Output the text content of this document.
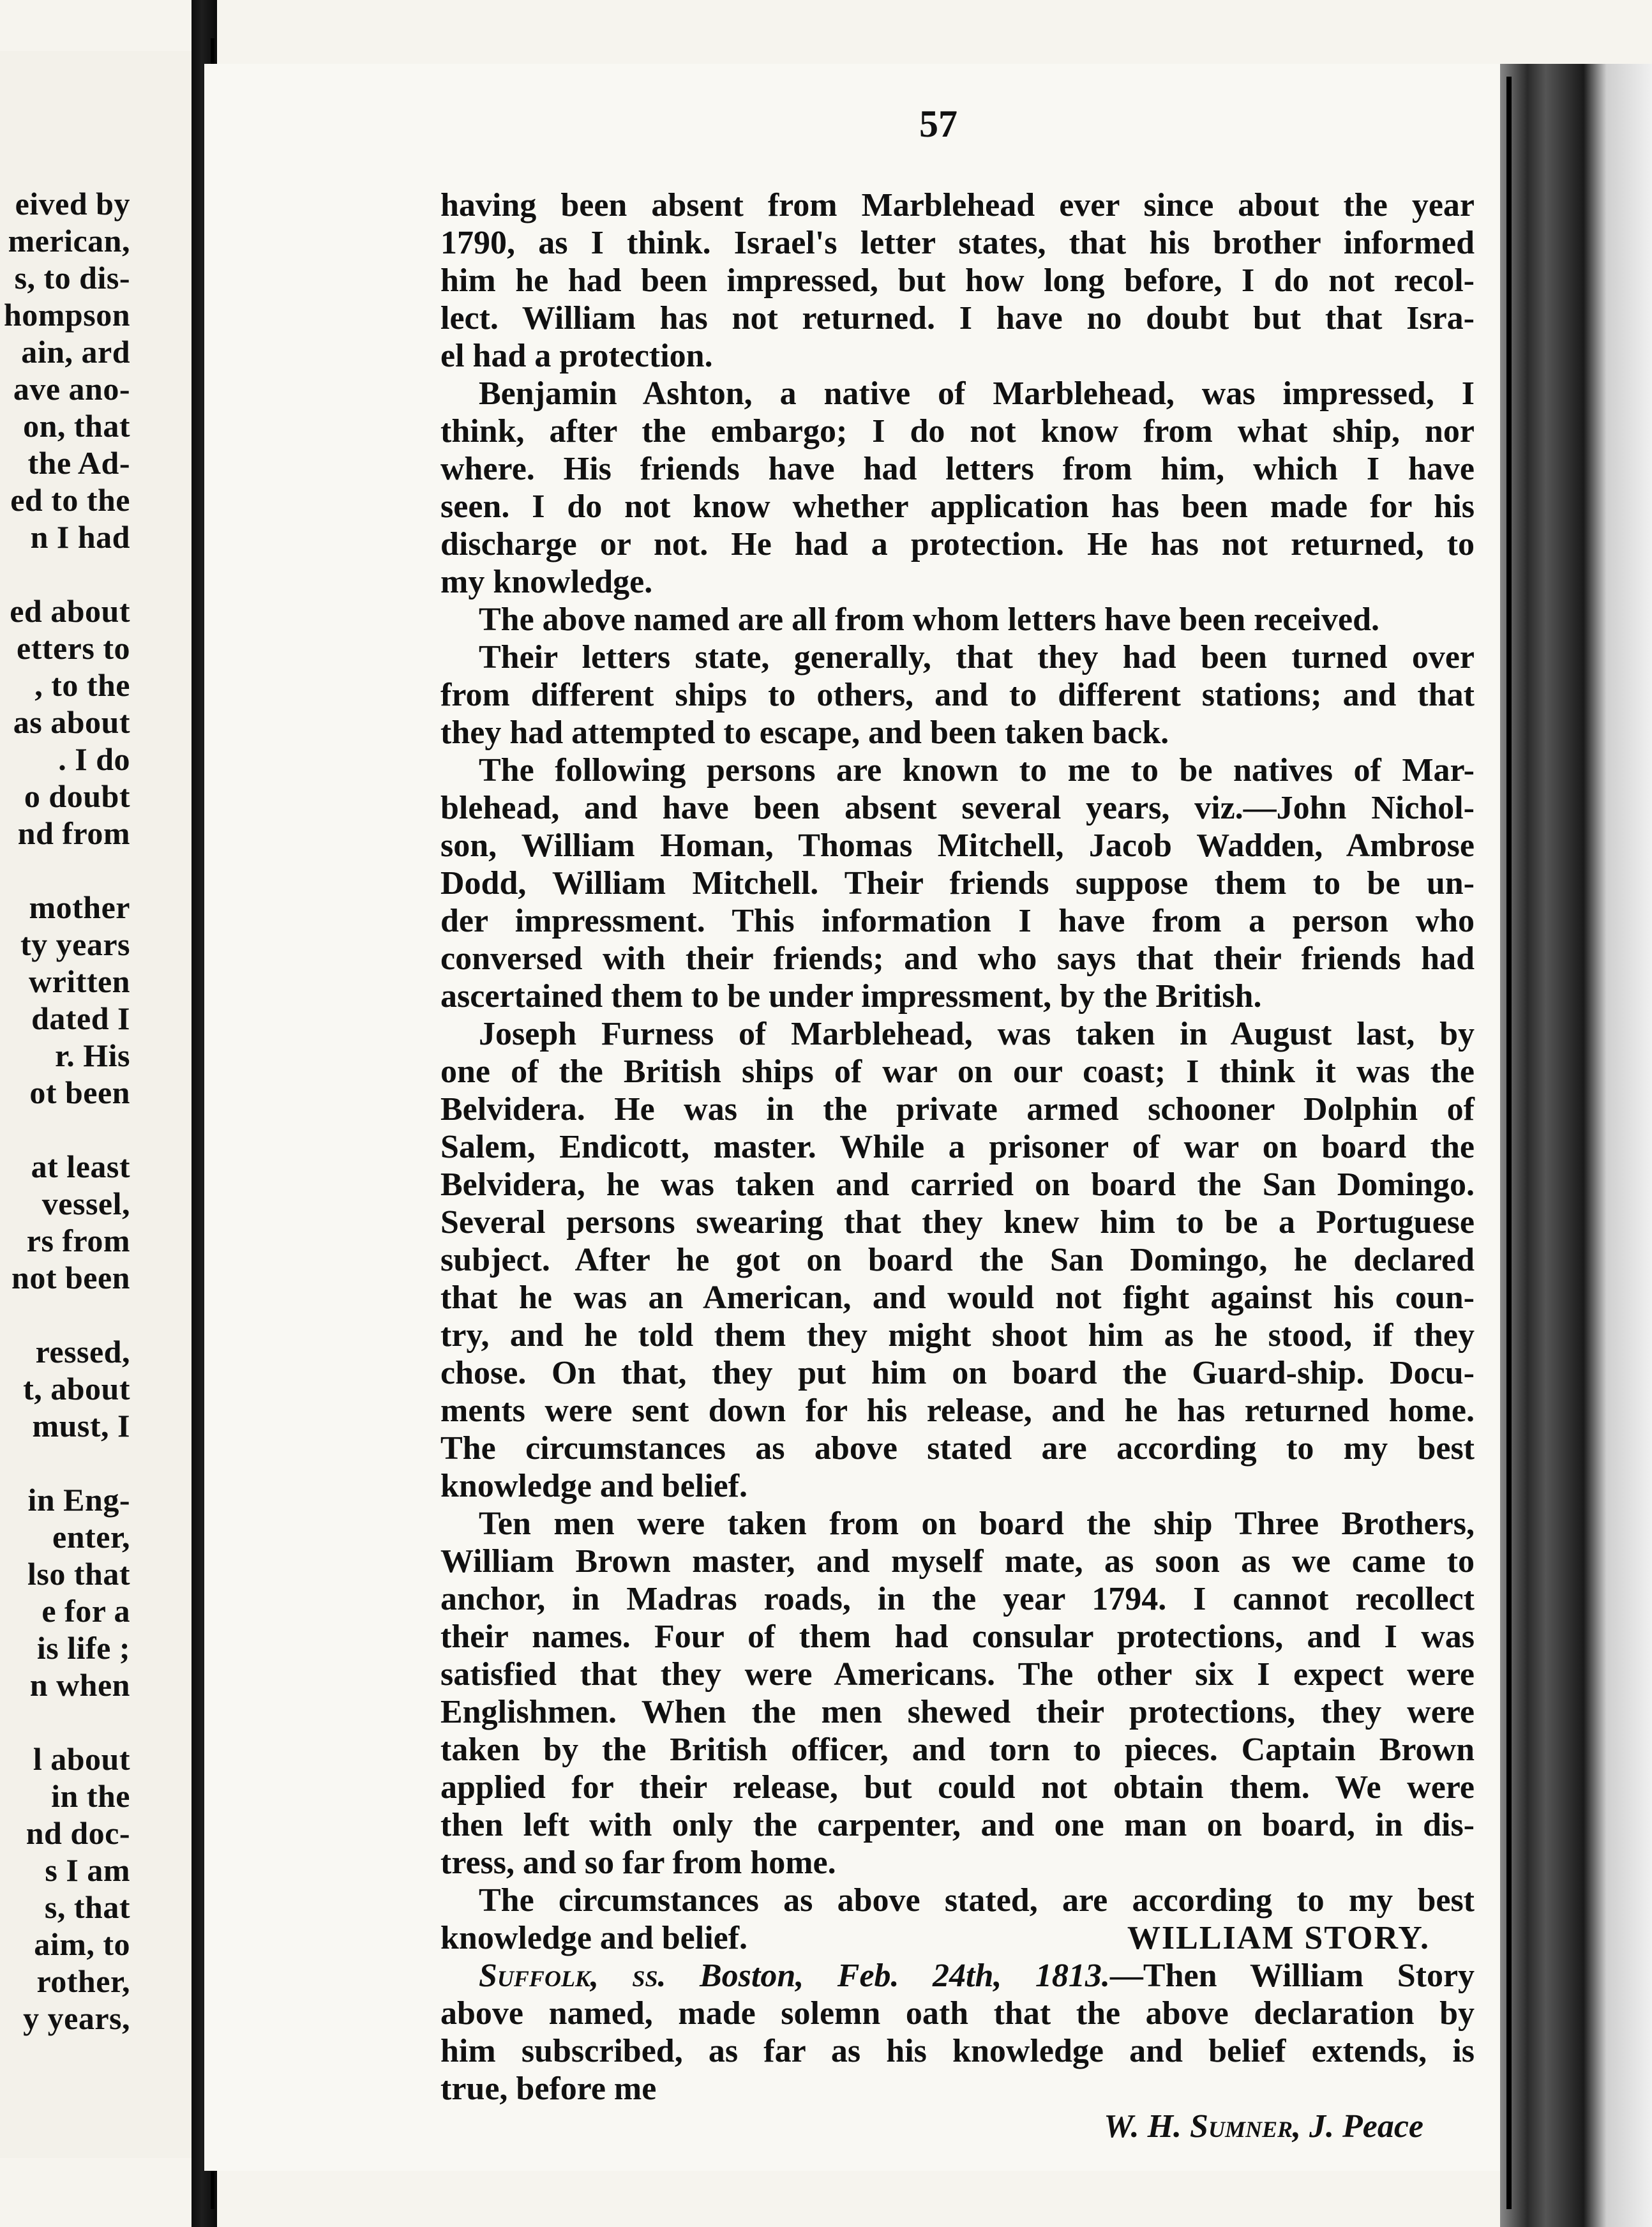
eived by
merican,
s, to dis-
hompson
ain, ard
ave ano-
on, that
the Ad-
ed to the
n I had
ed about
etters to
, to the
as about
. I do
o doubt
nd from
mother
ty years
written
dated I
r. His
ot been
at least
vessel,
rs from
not been
ressed,
t, about
must, I
in Eng-
enter,
lso that
e for a
is life ;
n when
l about
in the
nd doc-
s I am
s, that
aim, to
rother,
y years,
57
having been absent from Marblehead ever since about the year
1790, as I think. Israel's letter states, that his brother informed
him he had been impressed, but how long before, I do not recol-
lect. William has not returned. I have no doubt but that Isra-
el had a protection.
Benjamin Ashton, a native of Marblehead, was impressed, I
think, after the embargo; I do not know from what ship, nor
where. His friends have had letters from him, which I have
seen. I do not know whether application has been made for his
discharge or not. He had a protection. He has not returned, to
my knowledge.
The above named are all from whom letters have been received.
Their letters state, generally, that they had been turned over
from different ships to others, and to different stations; and that
they had attempted to escape, and been taken back.
The following persons are known to me to be natives of Mar-
blehead, and have been absent several years, viz.—John Nichol-
son, William Homan, Thomas Mitchell, Jacob Wadden, Ambrose
Dodd, William Mitchell. Their friends suppose them to be un-
der impressment. This information I have from a person who
conversed with their friends; and who says that their friends had
ascertained them to be under impressment, by the British.
Joseph Furness of Marblehead, was taken in August last, by
one of the British ships of war on our coast; I think it was the
Belvidera. He was in the private armed schooner Dolphin of
Salem, Endicott, master. While a prisoner of war on board the
Belvidera, he was taken and carried on board the San Domingo.
Several persons swearing that they knew him to be a Portuguese
subject. After he got on board the San Domingo, he declared
that he was an American, and would not fight against his coun-
try, and he told them they might shoot him as he stood, if they
chose. On that, they put him on board the Guard-ship. Docu-
ments were sent down for his release, and he has returned home.
The circumstances as above stated are according to my best
knowledge and belief.
Ten men were taken from on board the ship Three Brothers,
William Brown master, and myself mate, as soon as we came to
anchor, in Madras roads, in the year 1794. I cannot recollect
their names. Four of them had consular protections, and I was
satisfied that they were Americans. The other six I expect were
Englishmen. When the men shewed their protections, they were
taken by the British officer, and torn to pieces. Captain Brown
applied for their release, but could not obtain them. We were
then left with only the carpenter, and one man on board, in dis-
tress, and so far from home.
The circumstances as above stated, are according to my best
knowledge and belief.	WILLIAM STORY.
Suffolk, ss. Boston, Feb. 24th, 1813.—Then William Story
above named, made solemn oath that the above declaration by
him subscribed, as far as his knowledge and belief extends, is
true, before me
W. H. Sumner,
J. Peace
